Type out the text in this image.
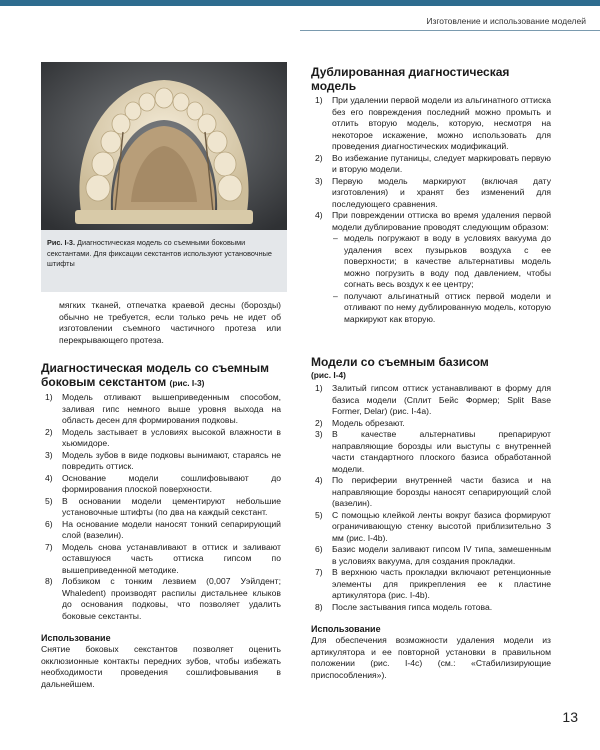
Изготовление и использование моделей
Рис. I-3. Диагностическая модель со съемными боковыми секстантами. Для фиксации секстантов используют установочные штифты

мягких тканей, отпечатка краевой десны (борозды) обычно не требуется, если только речь не идет об изготовлении съемного частичного протеза или перекрывающего протеза.

Диагностическая модель со съемным боковым секстантом (рис. I-3)
1) Модель отливают вышеприведенным способом, заливая гипс немного выше уровня выхода на область десен для формирования подковы.
2) Модель застывает в условиях высокой влажности в хьюмидоре.
3) Модель зубов в виде подковы вынимают, стараясь не повредить оттиск.
4) Основание модели сошлифовывают до формирования плоской поверхности.
5) В основании модели цементируют небольшие установочные штифты (по два на каждый секстант.
6) На основание модели наносят тонкий сепарирующий слой (вазелин).
7) Модель снова устанавливают в оттиск и заливают оставшуюся часть оттиска гипсом по вышеприведенной методике.
8) Лобзиком с тонким лезвием (0,007 Уэйлдент; Whaledent) производят распилы дистальнее клыков до основания подковы, что позволяет удалить боковые секстанты.
Использование

Снятие боковых секстантов позволяет оценить окклюзионные контакты передних зубов, чтобы избежать необходимости проведения сошлифовывания в дальнейшем.

Дублированная диагностическая модель
1) При удалении первой модели из альгинатного оттиска без его повреждения последний можно промыть и отлить вторую модель, которую, несмотря на некоторое искажение, можно использовать для проведения диагностических модификаций.
2) Во избежание путаницы, следует маркировать первую и вторую модели.
3) Первую модель маркируют (включая дату изготовления) и хранят без изменений для последующего сравнения.
4) При повреждении оттиска во время удаления первой модели дублирование проводят следующим образом:
– модель погружают в воду в условиях вакуума до удаления всех пузырьков воздуха с ее поверхности; в качестве альтернативы модель можно погрузить в воду под давлением, чтобы согнать весь воздух к ее центру;
– получают альгинатный оттиск первой модели и отливают по нему дублированную модель, которую маркируют как вторую.
Модели со съемным базисом
(рис. I-4)
1) Залитый гипсом оттиск устанавливают в форму для базиса модели (Сплит Бейс Формер; Split Base Former, Delar) (рис. I-4a).
2) Модель обрезают.
3) В качестве альтернативы препарируют направляющие борозды или выступы с внутренней части стандартного плоского базиса обработанной модели.
4) По периферии внутренней части базиса и на направляющие борозды наносят сепарирующий слой (вазелин).
5) С помощью клейкой ленты вокруг базиса формируют ограничивающую стенку высотой приблизительно 3 мм (рис. I-4b).
6) Базис модели заливают гипсом IV типа, замешенным в условиях вакуума, для создания прокладки.
7) В верхнюю часть прокладки включают ретенционные элементы для прикрепления ее к пластине артикулятора (рис. I-4b).
8) После застывания гипса модель готова.
Использование

Для обеспечения возможности удаления модели из артикулятора и ее повторной установки в правильном положении (рис. I-4c) (см.: «Стабилизирующие приспособления»).

13
